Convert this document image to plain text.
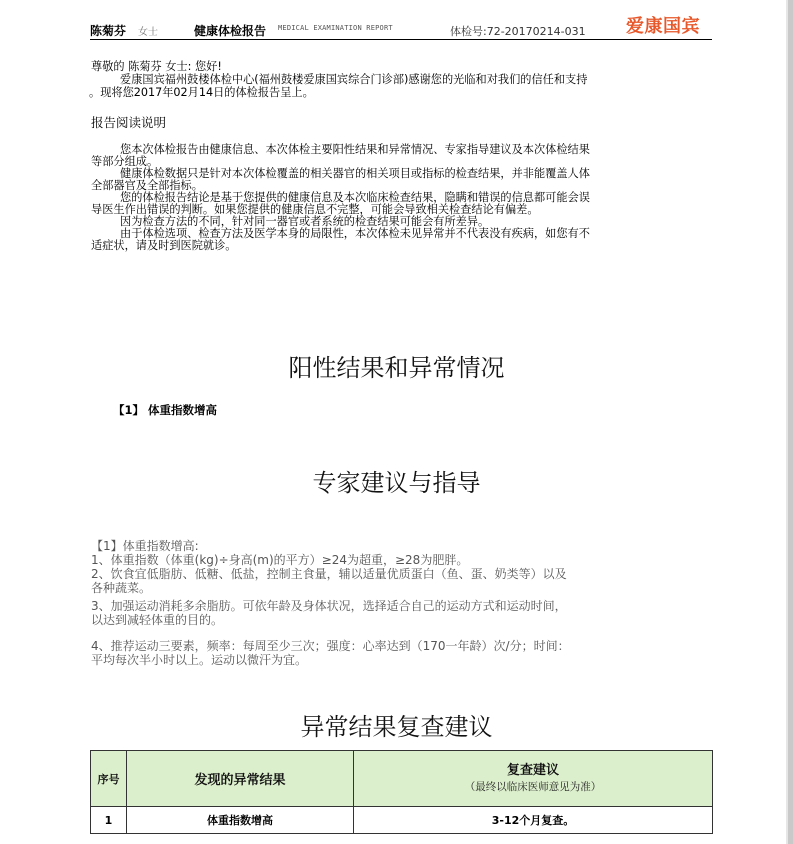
陈菊芬 女士	健康体检报告 MEDICAL EXAMINATION REPORT	体检号:72-20170214-031 爱康国宾
尊敬的 陈菊芬 女士: 您好!
爱康国宾福州鼓楼体检中心(福州鼓楼爱康国宾综合门诊部)感谢您的光临和对我们的信任和支持
。现将您2017年02月14日的体检报告呈上。
报告阅读说明
您本次体检报告由健康信息、本次体检主要阳性结果和异常情况、专家指导建议及本次体检结果
等部分组成。
健康体检数据只是针对本次体检覆盖的相关器官的相关项目或指标的检查结果，并非能覆盖人体
全部器官及全部指标。
您的体检报告结论是基于您提供的健康信息及本次临床检查结果，隐瞒和错误的信息都可能会误
导医生作出错误的判断。如果您提供的健康信息不完整，可能会导致相关检查结论有偏差。
因为检查方法的不同，针对同一器官或者系统的检查结果可能会有所差异。
由于体检选项、检查方法及医学本身的局限性，本次体检未见异常并不代表没有疾病，如您有不
适症状，请及时到医院就诊。
阳性结果和异常情况
【1】 体重指数增高
专家建议与指导
【1】体重指数增高:
1、体重指数（体重(kg)÷身高(m)的平方）≥24为超重，≥28为肥胖。
2、饮食宜低脂肪、低糖、低盐，控制主食量，辅以适量优质蛋白（鱼、蛋、奶类等）以及
各种蔬菜。
3、加强运动消耗多余脂肪。可依年龄及身体状况，选择适合自己的运动方式和运动时间，
以达到减轻体重的目的。
4、推荐运动三要素，频率：每周至少三次；强度：心率达到（170一年龄）次/分；时间：
平均每次半小时以上。运动以微汗为宜。
异常结果复查建议
序号	发现的异常结果	复查建议
（最终以临床医师意见为准）

1	体重指数增高	3-12个月复查。
